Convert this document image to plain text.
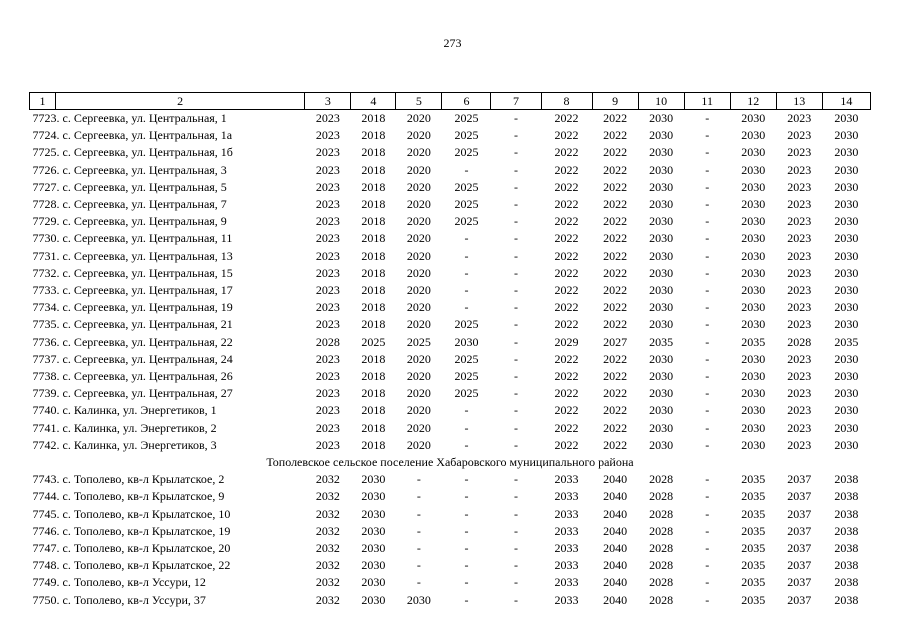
273
1	2	3	4	5	6	7	8	9	10	11	12	13	14
7723. с. Сергеевка, ул. Центральная, 1		2023	2018	2020	2025	-	2022	2022	2030	-	2030	2023	2030
7724. с. Сергеевка, ул. Центральная, 1а		2023	2018	2020	2025	-	2022	2022	2030	-	2030	2023	2030
7725. с. Сергеевка, ул. Центральная, 1б		2023	2018	2020	2025	-	2022	2022	2030	-	2030	2023	2030
7726. с. Сергеевка, ул. Центральная, 3		2023	2018	2020	-	-	2022	2022	2030	-	2030	2023	2030
7727. с. Сергеевка, ул. Центральная, 5		2023	2018	2020	2025	-	2022	2022	2030	-	2030	2023	2030
7728. с. Сергеевка, ул. Центральная, 7		2023	2018	2020	2025	-	2022	2022	2030	-	2030	2023	2030
7729. с. Сергеевка, ул. Центральная, 9		2023	2018	2020	2025	-	2022	2022	2030	-	2030	2023	2030
7730. с. Сергеевка, ул. Центральная, 11		2023	2018	2020	-	-	2022	2022	2030	-	2030	2023	2030
7731. с. Сергеевка, ул. Центральная, 13		2023	2018	2020	-	-	2022	2022	2030	-	2030	2023	2030
7732. с. Сергеевка, ул. Центральная, 15		2023	2018	2020	-	-	2022	2022	2030	-	2030	2023	2030
7733. с. Сергеевка, ул. Центральная, 17		2023	2018	2020	-	-	2022	2022	2030	-	2030	2023	2030
7734. с. Сергеевка, ул. Центральная, 19		2023	2018	2020	-	-	2022	2022	2030	-	2030	2023	2030
7735. с. Сергеевка, ул. Центральная, 21		2023	2018	2020	2025	-	2022	2022	2030	-	2030	2023	2030
7736. с. Сергеевка, ул. Центральная, 22		2028	2025	2025	2030	-	2029	2027	2035	-	2035	2028	2035
7737. с. Сергеевка, ул. Центральная, 24		2023	2018	2020	2025	-	2022	2022	2030	-	2030	2023	2030
7738. с. Сергеевка, ул. Центральная, 26		2023	2018	2020	2025	-	2022	2022	2030	-	2030	2023	2030
7739. с. Сергеевка, ул. Центральная, 27		2023	2018	2020	2025	-	2022	2022	2030	-	2030	2023	2030
7740. с. Калинка, ул. Энергетиков, 1		2023	2018	2020	-	-	2022	2022	2030	-	2030	2023	2030
7741. с. Калинка, ул. Энергетиков, 2		2023	2018	2020	-	-	2022	2022	2030	-	2030	2023	2030
7742. с. Калинка, ул. Энергетиков, 3		2023	2018	2020	-	-	2022	2022	2030	-	2030	2023	2030
Тополевское сельское поселение Хабаровского муниципального района													
7743. с. Тополево, кв-л Крылатское, 2		2032	2030	-	-	-	2033	2040	2028	-	2035	2037	2038
7744. с. Тополево, кв-л Крылатское, 9		2032	2030	-	-	-	2033	2040	2028	-	2035	2037	2038
7745. с. Тополево, кв-л Крылатское, 10		2032	2030	-	-	-	2033	2040	2028	-	2035	2037	2038
7746. с. Тополево, кв-л Крылатское, 19		2032	2030	-	-	-	2033	2040	2028	-	2035	2037	2038
7747. с. Тополево, кв-л Крылатское, 20		2032	2030	-	-	-	2033	2040	2028	-	2035	2037	2038
7748. с. Тополево, кв-л Крылатское, 22		2032	2030	-	-	-	2033	2040	2028	-	2035	2037	2038
7749. с. Тополево, кв-л Уссури, 12		2032	2030	-	-	-	2033	2040	2028	-	2035	2037	2038
7750. с. Тополево, кв-л Уссури, 37		2032	2030	2030	-	-	2033	2040	2028	-	2035	2037	2038
